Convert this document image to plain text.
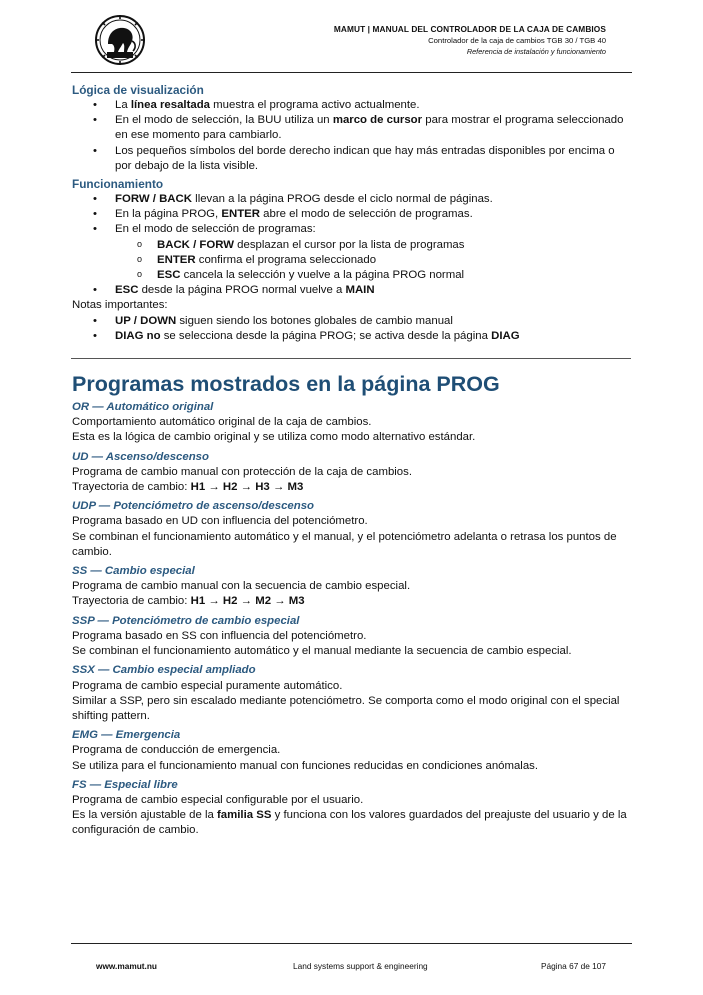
MAMUT | MANUAL DEL CONTROLADOR DE LA CAJA DE CAMBIOS
Controlador de la caja de cambios TGB 30 / TGB 40
Referencia de instalación y funcionamiento
Lógica de visualización
• La línea resaltada muestra el programa activo actualmente.
• En el modo de selección, la BUU utiliza un marco de cursor para mostrar el programa seleccionado en ese momento para cambiarlo.
• Los pequeños símbolos del borde derecho indican que hay más entradas disponibles por encima o por debajo de la lista visible.
Funcionamiento
• FORW / BACK llevan a la página PROG desde el ciclo normal de páginas.
• En la página PROG, ENTER abre el modo de selección de programas.
• En el modo de selección de programas:
o BACK / FORW desplazan el cursor por la lista de programas
o ENTER confirma el programa seleccionado
o ESC cancela la selección y vuelve a la página PROG normal
• ESC desde la página PROG normal vuelve a MAIN
Notas importantes:
• UP / DOWN siguen siendo los botones globales de cambio manual
• DIAG no se selecciona desde la página PROG; se activa desde la página DIAG
Programas mostrados en la página PROG
OR — Automático original
Comportamiento automático original de la caja de cambios.
Esta es la lógica de cambio original y se utiliza como modo alternativo estándar.
UD — Ascenso/descenso
Programa de cambio manual con protección de la caja de cambios.
Trayectoria de cambio: H1 → H2 → H3 → M3
UDP — Potenciómetro de ascenso/descenso
Programa basado en UD con influencia del potenciómetro.
Se combinan el funcionamiento automático y el manual, y el potenciómetro adelanta o retrasa los puntos de cambio.
SS — Cambio especial
Programa de cambio manual con la secuencia de cambio especial.
Trayectoria de cambio: H1 → H2 → M2 → M3
SSP — Potenciómetro de cambio especial
Programa basado en SS con influencia del potenciómetro.
Se combinan el funcionamiento automático y el manual mediante la secuencia de cambio especial.
SSX — Cambio especial ampliado
Programa de cambio especial puramente automático.
Similar a SSP, pero sin escalado mediante potenciómetro. Se comporta como el modo original con el special shifting pattern.
EMG — Emergencia
Programa de conducción de emergencia.
Se utiliza para el funcionamiento manual con funciones reducidas en condiciones anómalas.
FS — Especial libre
Programa de cambio especial configurable por el usuario.
Es la versión ajustable de la familia SS y funciona con los valores guardados del preajuste del usuario y de la configuración de cambio.
www.mamut.nu	Land systems support & engineering	Página 67 de 107
